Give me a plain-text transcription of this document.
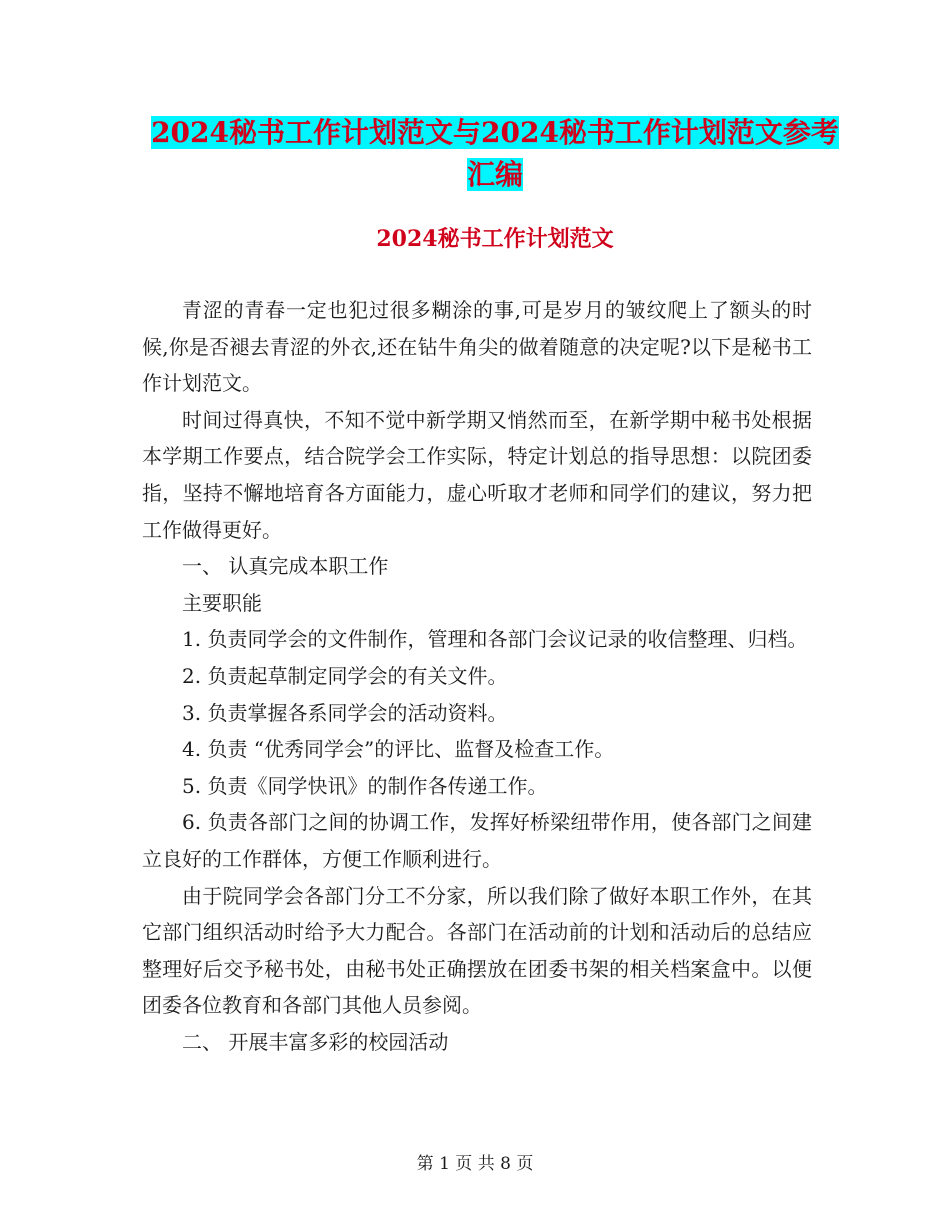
2024秘书工作计划范文与2024秘书工作计划范文参考
汇编
2024秘书工作计划范文

青涩的青春一定也犯过很多糊涂的事,可是岁月的皱纹爬上了额头的时候,你是否褪去青涩的外衣,还在钻牛角尖的做着随意的决定呢?以下是秘书工作计划范文。

时间过得真快，不知不觉中新学期又悄然而至，在新学期中秘书处根据本学期工作要点，结合院学会工作实际，特定计划总的指导思想：以院团委指，坚持不懈地培育各方面能力，虚心听取才老师和同学们的建议，努力把工作做得更好。

一、 认真完成本职工作

主要职能

1. 负责同学会的文件制作，管理和各部门会议记录的收信整理、归档。

2. 负责起草制定同学会的有关文件。

3. 负责掌握各系同学会的活动资料。

4. 负责 “优秀同学会”的评比、监督及检查工作。

5. 负责《同学快讯》的制作各传递工作。

6. 负责各部门之间的协调工作，发挥好桥梁纽带作用，使各部门之间建立良好的工作群体，方便工作顺利进行。

由于院同学会各部门分工不分家，所以我们除了做好本职工作外，在其它部门组织活动时给予大力配合。各部门在活动前的计划和活动后的总结应整理好后交予秘书处，由秘书处正确摆放在团委书架的相关档案盒中。以便团委各位教育和各部门其他人员参阅。

二、 开展丰富多彩的校园活动

第 1 页 共 8 页
